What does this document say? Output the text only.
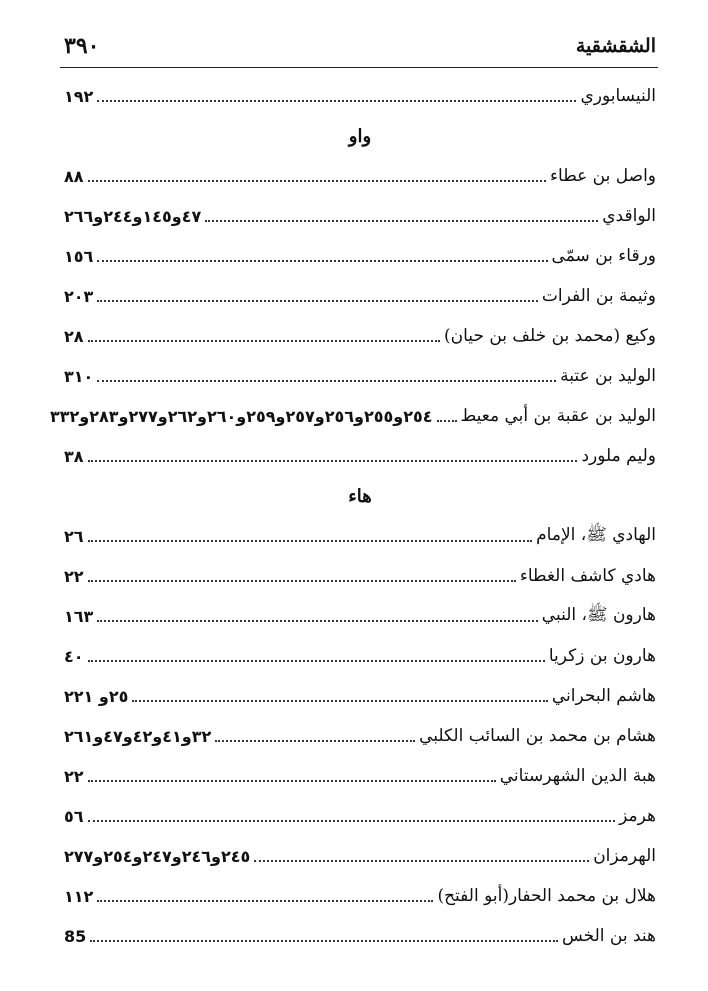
الشقشقية
٣٩٠
النيسابوري
١٩٢
واو
واصل بن عطاء
٨٨
الواقدي
٤٧و١٤٥و٢٤٤و٢٦٦
ورقاء بن سمّى
١٥٦
وثيمة بن الفرات
٢٠٣
وكيع (محمد بن خلف بن حيان)
٢٨
الوليد بن عتبة
٣١٠
الوليد بن عقبة بن أبي معيط
٢٥٤و٢٥٥و٢٥٦و٢٥٧و٢٥٩و٢٦٠و٢٦٢و٢٧٧و٢٨٣و٣٣٢
وليم ملورد
٣٨
هاء
الهادي ﷺ، الإمام
٢٦
هادي كاشف الغطاء
٢٢
هارون ﷺ، النبي
١٦٣
هارون بن زكريا
٤٠
هاشم البحراني
٢٥و ٢٢١
هشام بن محمد بن السائب الكلبي
٣٢و٤١و٤٢و٤٧و٢٦١
هبة الدين الشهرستاني
٢٢
هرمز
٥٦
الهرمزان
٢٤٥و٢٤٦و٢٤٧و٢٥٤و٢٧٧
هلال بن محمد الحفار(أبو الفتح)
١١٢
هند بن الخس
85
